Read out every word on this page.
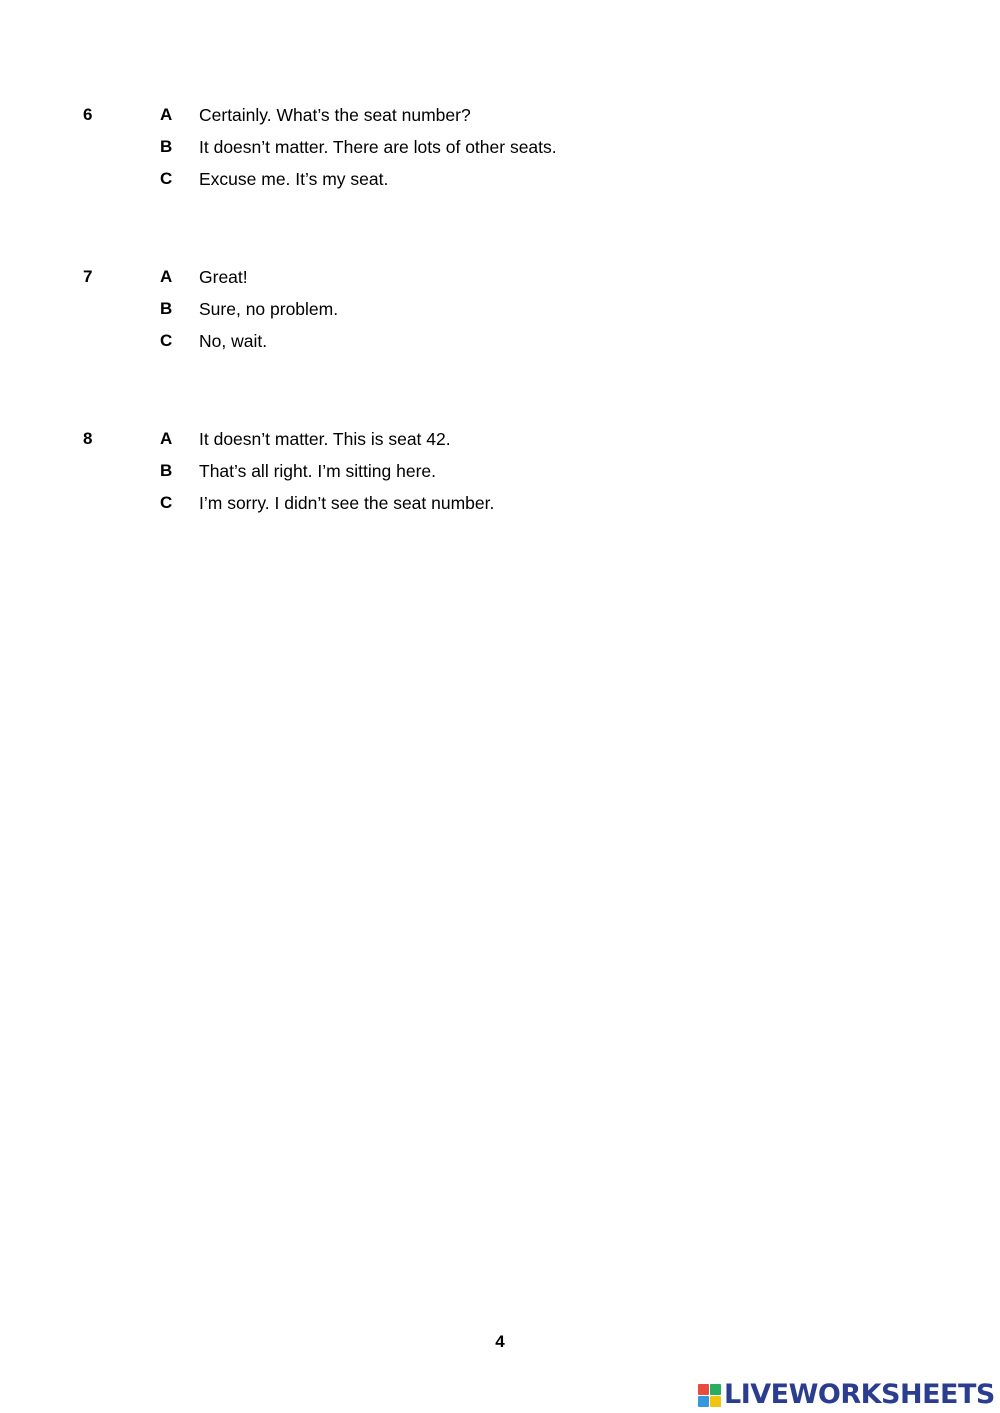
6	A Certainly. What’s the seat number?
B It doesn’t matter. There are lots of other seats.
C Excuse me. It’s my seat.
7	A Great!
B Sure, no problem.
C No, wait.
8	A It doesn’t matter. This is seat 42.
B That’s all right. I’m sitting here.
C I’m sorry. I didn’t see the seat number.
4
LIVEWORKSHEETS
